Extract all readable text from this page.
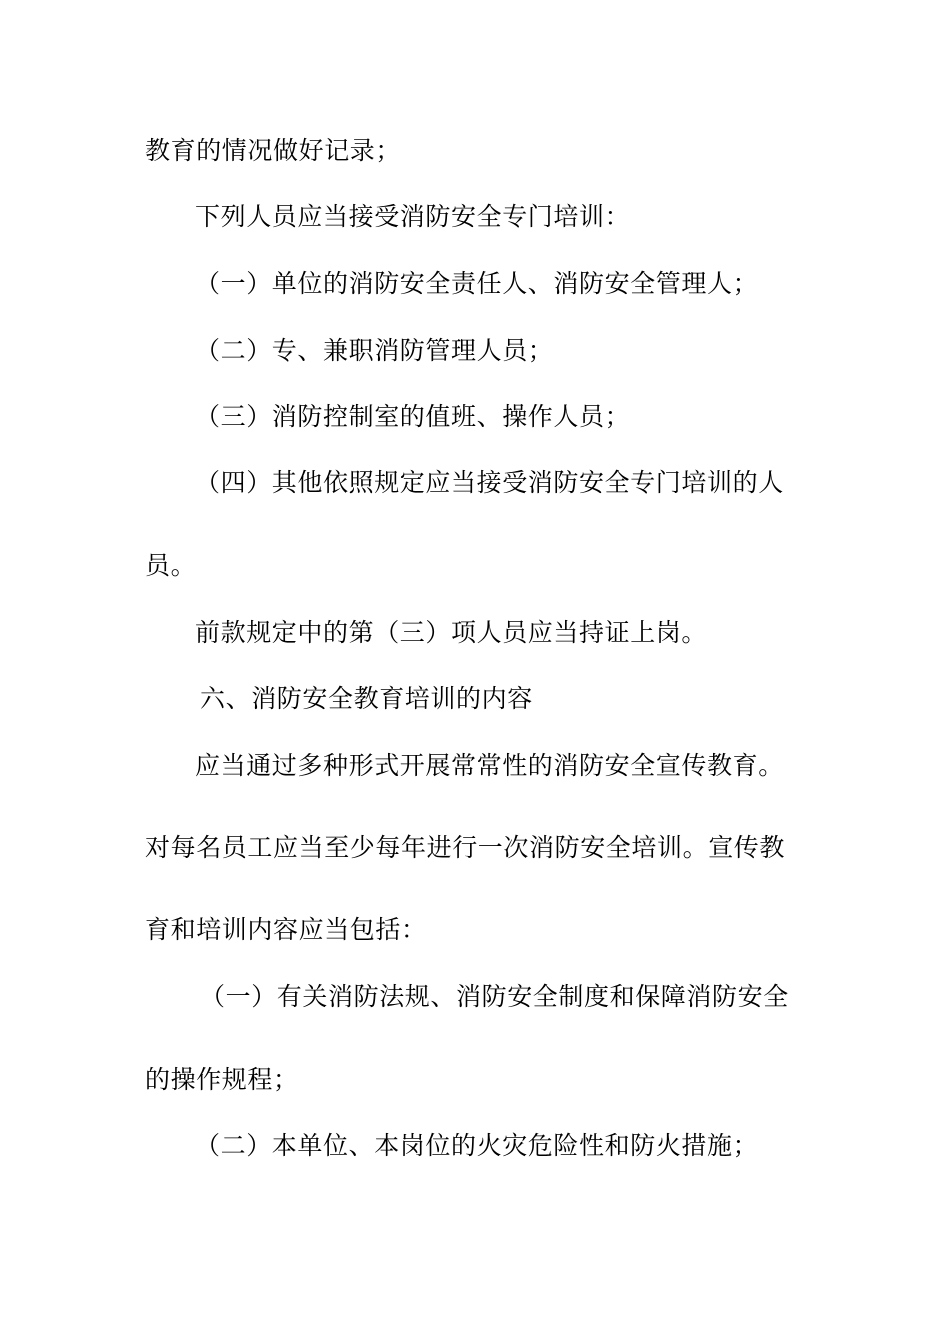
教育的情况做好记录；
下列人员应当接受消防安全专门培训：
（一）单位的消防安全责任人、消防安全管理人；
（二）专、兼职消防管理人员；
（三）消防控制室的值班、操作人员；
（四）其他依照规定应当接受消防安全专门培训的人
员。
前款规定中的第（三）项人员应当持证上岗。
六、消防安全教育培训的内容
应当通过多种形式开展常常性的消防安全宣传教育。
对每名员工应当至少每年进行一次消防安全培训。宣传教
育和培训内容应当包括：
（一）有关消防法规、消防安全制度和保障消防安全
的操作规程；
（二）本单位、本岗位的火灾危险性和防火措施；
